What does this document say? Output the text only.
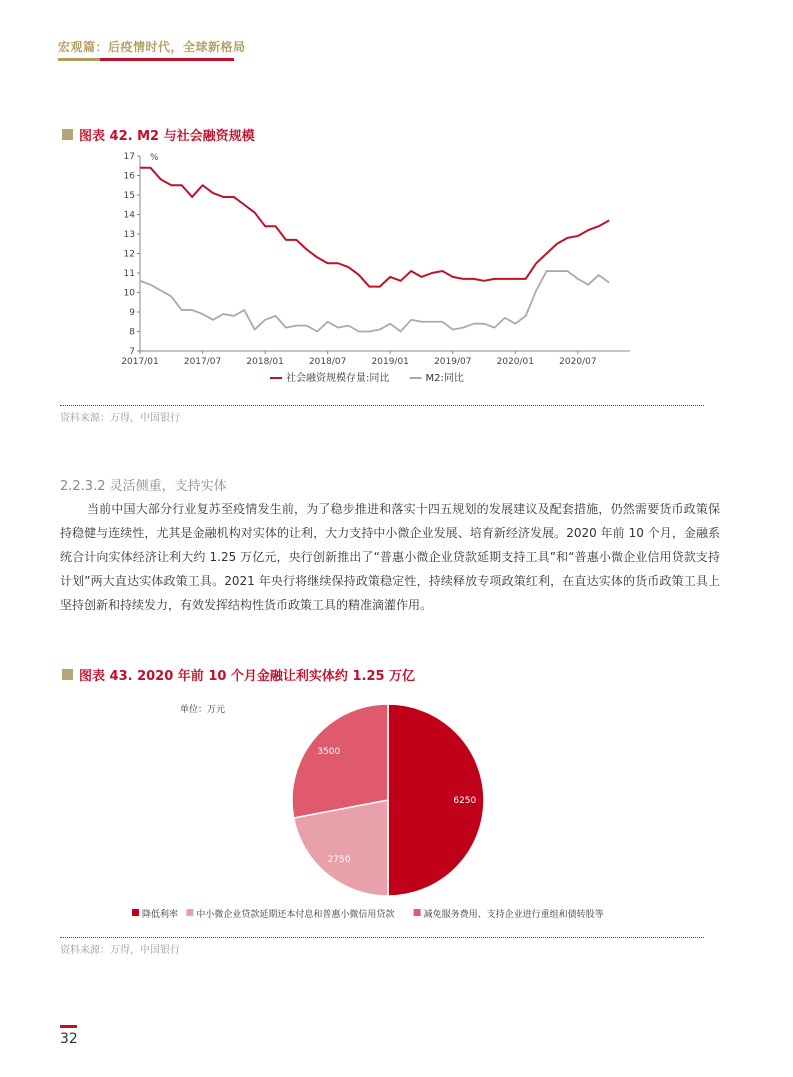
宏观篇：后疫情时代，全球新格局
图表 42. M2 与社会融资规模
7
8
9
10
11
12
13
14
15
16
17 %
2017/01	2017/07	2018/01	2018/07	2019/01	2019/07	2020/01	2020/07
社会融资规模存量:同比	M2:同比
资料来源：万得，中国银行
2.2.3.2 灵活侧重，支持实体

当前中国大部分行业复苏至疫情发生前，为了稳步推进和落实十四五规划的发展建议及配套措施，仍然需要货币政策保持稳健与连续性，尤其是金融机构对实体的让利，大力支持中小微企业发展、培育新经济发展。2020 年前 10 个月，金融系统合计向实体经济让利大约 1.25 万亿元，央行创新推出了“普惠小微企业贷款延期支持工具”和“普惠小微企业信用贷款支持计划”两大直达实体政策工具。2021 年央行将继续保持政策稳定性，持续释放专项政策红利，在直达实体的货币政策工具上坚持创新和持续发力，有效发挥结构性货币政策工具的精准滴灌作用。

图表 43. 2020 年前 10 个月金融让利实体约 1.25 万亿
单位：万元
6250
2750
3500
降低利率 中小微企业贷款延期还本付息和普惠小微信用贷款	减免服务费用、支持企业进行重组和债转股等
资料来源：万得，中国银行
32
